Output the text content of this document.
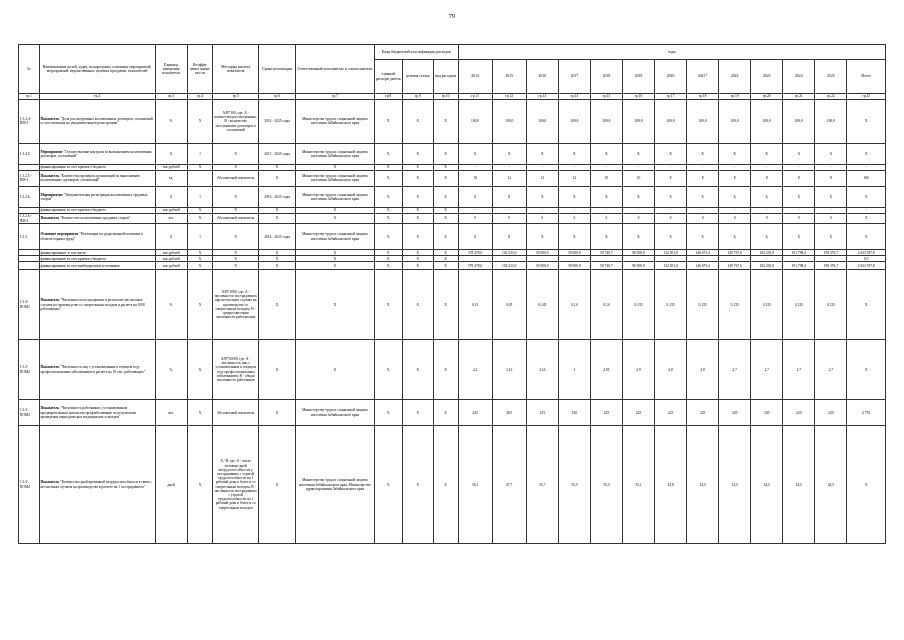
79
№	Наименование целей, задач, подпрограмм, основных мероприятий, мероприятий, ведомственных целевых программ, показателей	Единица измерения показателя	Коэффи-циент значи-мости	Методика расчета показателя	Сроки реализации	Ответственный исполнитель и соисполнители	Коды бюджетной классификации расходов			годы												
							главный распоря-дитель	целевая статья	вид расходов	2014	2015	2016	2017	2018	2019	2020	2021*	2022	2023	2024	2025	Итого
гр.1	гр.2	гр.3	гр.4	гр.5	гр.6	гр.7	гр.8	гр.9	гр.10	гр.11	гр.12	гр.13	гр.14	гр.15	гр.16	гр.17	гр.18	гр.19	гр.20	гр.21	гр.22	гр.23
1.3.2.4-ПМ-1	Показатель "Доля рассмотренных коллективных договоров, соглашений от поступивших на уведомительную регистрацию"	%	X	А/В*100, где: А - количество рассмотренных, В - количество поступивших договоров и соглашений	2014 - 2025 годы	Министерство труда и социальной защиты населения Забайкальского края	X	X	X	100,0	100,0	100,0	100,0	100,0	100,0	100,0	100,0	100,0	100,0	100,0	100,0	X
1.3.2.5.	Мероприятие "Осуществление контроля за выполнением коллективных договоров, соглашений"	X	1	X	2015 - 2025 годы	Министерство труда и социальной защиты населения Забайкальского края	X	X	X	X	X	X	X	X	X	X	X	X	X	X	X	X
	финансирование за счет краевого бюджета	тыс.рублей	X	X	X	X	X	X	X	-	-	-	-	-	-	-	-	-	-	-	-	-
1.3.2.5.-ПМ-1	Показатель "Количество проверок организаций по выполнению коллективных договоров, соглашений"	ед.		Абсолютный показатель	X	Министерство труда и социальной защиты населения Забайкальского края	X	X	X	10	12	12	12	10	10	8	8	8	8	8	8	106
1.3.2.6.	Мероприятие "Уведомительная регистрация коллективных трудовых споров"	X	1	X	2016 - 2025 годы	Министерство труда и социальной защиты населения Забайкальского края	X	X	X	X	X	X	X	X	X	X	X	X	X	X	X	X
	финансирование за счет краевого бюджета	тыс.рублей	X	X	X	X	X	X	X	-	-	-	-	-	-	-	-	-	-	-	-	-
1.3.2.6.-ПМ-1	Показатель "Количество коллективных трудовых споров"	шт.	X	Абсолютный показатель	X	X	X	X	X	0	0	0	0	0	0	0	0	0	0	0	0	X
1.3.3.	Основное мероприятие "Реализация государственной политики в области охраны труда"	X	1	X	2014 - 2025 годы	Министерство труда и социальной защиты населения Забайкальского края	X	X	X	X	X	X	X	X	X	X	X	X	X	X	X	X
	финансирование, в том числе:	тыс.рублей	X	X	X	X	X	X	X	578 478,0	102 523,0	50 000,0	50 000,0	59 740,7	96 500,0	132 501,0	146 673,4	149 767,6	184 235,0	191 798,4	199 376,7	2 023 597,8
	финансирование за счет краевого бюджета	тыс.рублей	X	X	X	X	X	X	X	-	-	-	-	-	-	-	-	-	-	-	-	0,0
	финансирование за счет внебюджетных источников	тыс.рублей	X	X	X	X	X	X	X	578 478,0	102 523,0	50 000,0	50 000,0	59 740,7	96 500,0	132 501,0	146 673,4	149 767,6	184 235,0	191 798,4	199 376,7	2 023 597,8
1.3.3-ПОМ1	Показатель "Численность пострадавших в результате несчастных случаев на производстве со смертельным исходом в расчете на 1000 работающих"	%	X	А/В*1000, где: А - численность пострадавших при несчастных случаях на производстве со смертельным исходом, В - среднесписочная численность работающих	X	X	X	X	X	0,15	0,05	0,145	0,14	0,14	0,135	0,135	0,135	0,135	0,135	0,135	0,135	X
1.3.3-ПОМ2	Показатель "Численность лиц с установленным в текущем году профессиональным заболеванием в расчете на 10 тыс. работающих"	%	X	А/В*10000, где: А - численность лиц с установленным в текущем году профессиональным заболеванием, В - общая численность работников	X	X	X	X	X	2,2	3,16	3,16	3	2,95	2,9	2,8	2,8	2,7	2,7	2,7	2,7	X
1.3.3-ПОМ3	Показатель "Численность работников с установленным предварительным диагнозом профзаболевание по результатам проведения периодических медицинских осмотров"	чел.	X	Абсолютный показатель	X	Министерство труда и социальной защиты населения Забайкальского края	X	X	X	245	265	235	230	225	225	225	225	220	220	220	220	2 755
1.3.3-ПОМ4	Показатель "Количество дней временной нетрудоспособности в связи с несчастным случаем на производстве в расчете на 1 пострадавшего"	дней	X	А / В, где: А - число человеко-дней нетрудоспособности у пострадавших с утратой трудоспособности на 1 рабочий день и более и со смертельным исходом, В - численность пострадавших с утратой трудоспособности на 1 рабочий день и более и со смертельным исходом	X	Министерство труда и социальной защиты населения Забайкальского края, Министерство здравоохранения Забайкальского края	X	X	X	36,1	47,7	35,7	35,5	35,3	35,1	34,8	34,5	34,5	34,5	34,5	34,5	X
